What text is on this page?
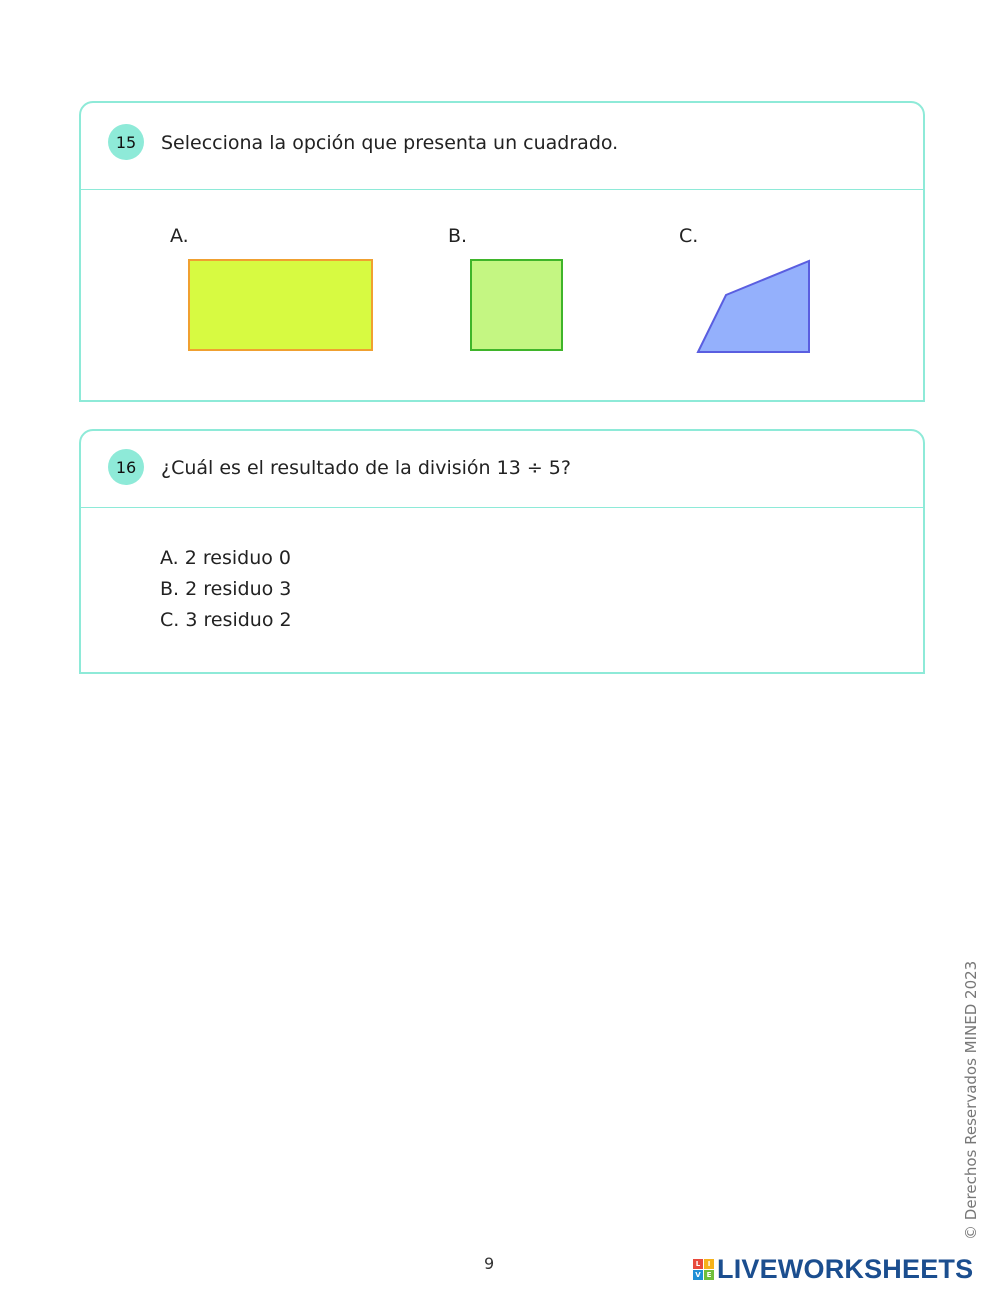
15	Selecciona la opción que presenta un cuadrado.
A.	B.	C.
16	¿Cuál es el resultado de la división 13 ÷ 5?
A. 2 residuo 0
B. 2 residuo 3
C. 3 residuo 2
© Derechos Reservados MINED 2023
9	L	I
V E LIVEWORKSHEETS
